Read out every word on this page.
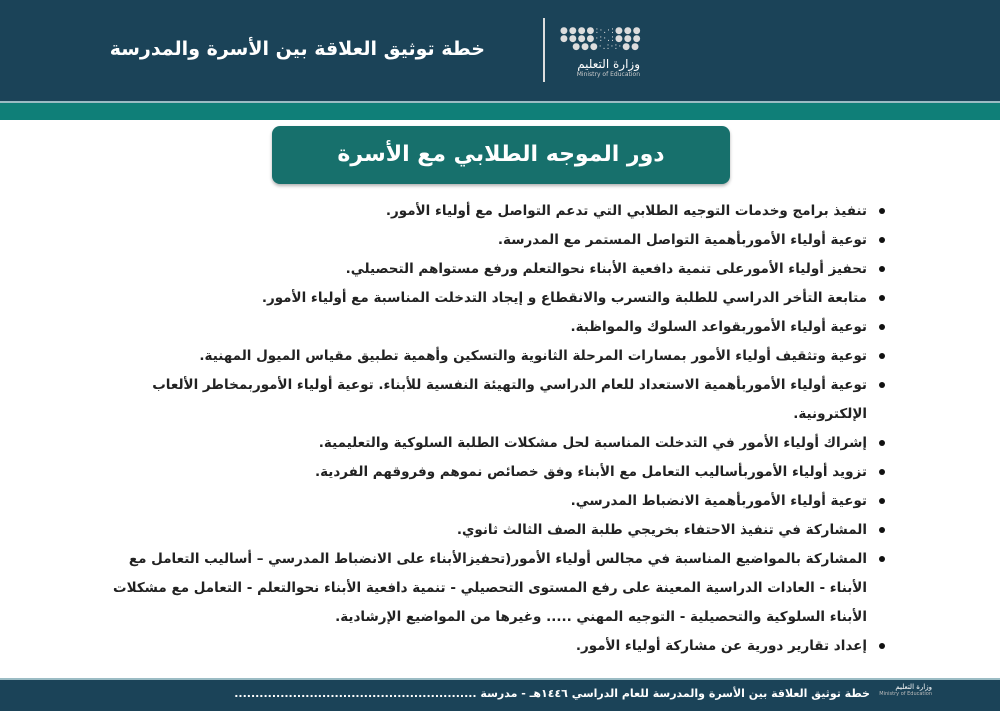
خطة توثيق العلاقة بين الأسرة والمدرسة
●●●●:·.·:●●●
●●●●·:·.:●●●
●●●·.:·:·●●
وزارة التعليم
Ministry of Education
دور الموجه الطلابي مع الأسرة
تنفيذ برامج وخدمات التوجيه الطلابي التي تدعم التواصل مع أولياء الأمور.
توعية أولياء الأموربأهمية التواصل المستمر مع المدرسة.
تحفيز أولياء الأمورعلى تنمية دافعية الأبناء نحوالتعلم ورفع مستواهم التحصيلي.
متابعة التأخر الدراسي للطلبة والتسرب والانقطاع و إيجاد التدخلت المناسبة مع أولياء الأمور.
توعية أولياء الأموربقواعد السلوك والمواظبة.
توعية وتثقيف أولياء الأمور بمسارات المرحلة الثانوية والتسكين وأهمية تطبيق مقياس الميول المهنية.
توعية أولياء الأموربأهمية الاستعداد للعام الدراسي والتهيئة النفسية للأبناء. توعية أولياء الأموربمخاطر الألعاب الإلكترونية.
إشراك أولياء الأمور في التدخلت المناسبة لحل مشكلات الطلبة السلوكية والتعليمية.
تزويد أولياء الأموربأساليب التعامل مع الأبناء وفق خصائص نموهم وفروقهم الفردية.
توعية أولياء الأموربأهمية الانضباط المدرسي.
المشاركة في تنفيذ الاحتفاء بخريجي طلبة الصف الثالث ثانوي.
المشاركة بالمواضيع المناسبة في مجالس أولياء الأمور(تحفيزالأبناء على الانضباط المدرسي – أساليب التعامل مع الأبناء - العادات الدراسية المعينة على رفع المستوى التحصيلي - تنمية دافعية الأبناء نحوالتعلم - التعامل مع مشكلات الأبناء السلوكية والتحصيلية - التوجيه المهني ..... وغيرها من المواضيع الإرشادية.
إعداد تقارير دورية عن مشاركة أولياء الأمور.
وزارة التعليم
Ministry of Education
خطة توثيق العلاقة بين الأسرة والمدرسة للعام الدراسي ١٤٤٦هـ - مدرسة ..........................................................
